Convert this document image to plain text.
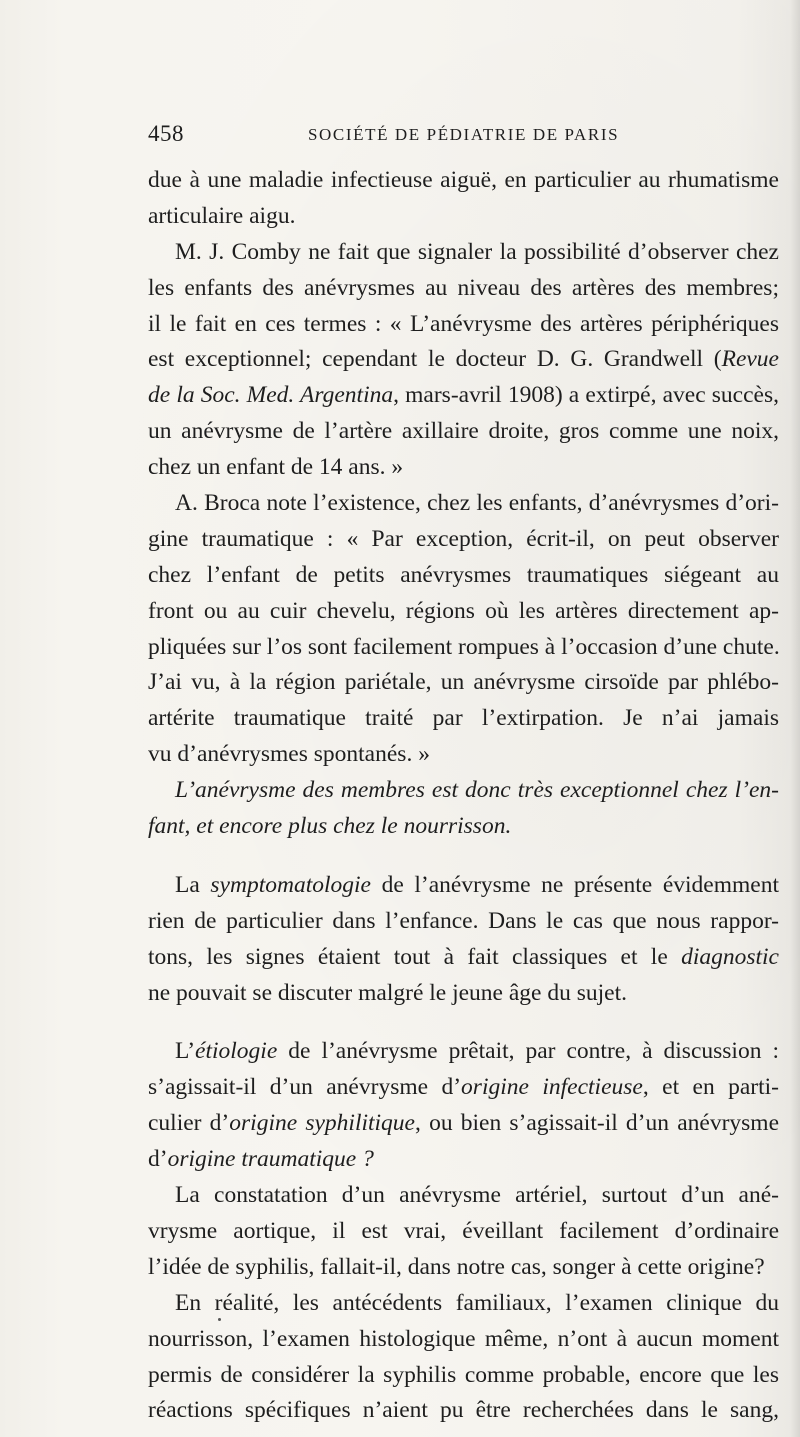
458	SOCIÉTÉ DE PÉDIATRIE DE PARIS
due à une maladie infectieuse aiguë, en particulier au rhumatisme
articulaire aigu.
M. J. Comby ne fait que signaler la possibilité d’observer chez
les enfants des anévrysmes au niveau des artères des membres;
il le fait en ces termes : « L’anévrysme des artères périphériques
est exceptionnel; cependant le docteur D. G. Grandwell (Revue
de la Soc. Med. Argentina, mars-avril 1908) a extirpé, avec succès,
un anévrysme de l’artère axillaire droite, gros comme une noix,
chez un enfant de 14 ans. »
A. Broca note l’existence, chez les enfants, d’anévrysmes d’ori-
gine traumatique : « Par exception, écrit-il, on peut observer
chez l’enfant de petits anévrysmes traumatiques siégeant au
front ou au cuir chevelu, régions où les artères directement ap-
pliquées sur l’os sont facilement rompues à l’occasion d’une chute.
J’ai vu, à la région pariétale, un anévrysme cirsoïde par phlébo-
artérite traumatique traité par l’extirpation. Je n’ai jamais
vu d’anévrysmes spontanés. »
L’anévrysme des membres est donc très exceptionnel chez l’en-
fant, et encore plus chez le nourrisson.
La symptomatologie de l’anévrysme ne présente évidemment
rien de particulier dans l’enfance. Dans le cas que nous rappor-
tons, les signes étaient tout à fait classiques et le diagnostic
ne pouvait se discuter malgré le jeune âge du sujet.
L’étiologie de l’anévrysme prêtait, par contre, à discussion :
s’agissait-il d’un anévrysme d’origine infectieuse, et en parti-
culier d’origine syphilitique, ou bien s’agissait-il d’un anévrysme
d’origine traumatique ?
La constatation d’un anévrysme artériel, surtout d’un ané-
vrysme aortique, il est vrai, éveillant facilement d’ordinaire
l’idée de syphilis, fallait-il, dans notre cas, songer à cette origine?
En réalité, les antécédents familiaux, l’examen clinique du
nourrisson, l’examen histologique même, n’ont à aucun moment
permis de considérer la syphilis comme probable, encore que les
réactions spécifiques n’aient pu être recherchées dans le sang,
